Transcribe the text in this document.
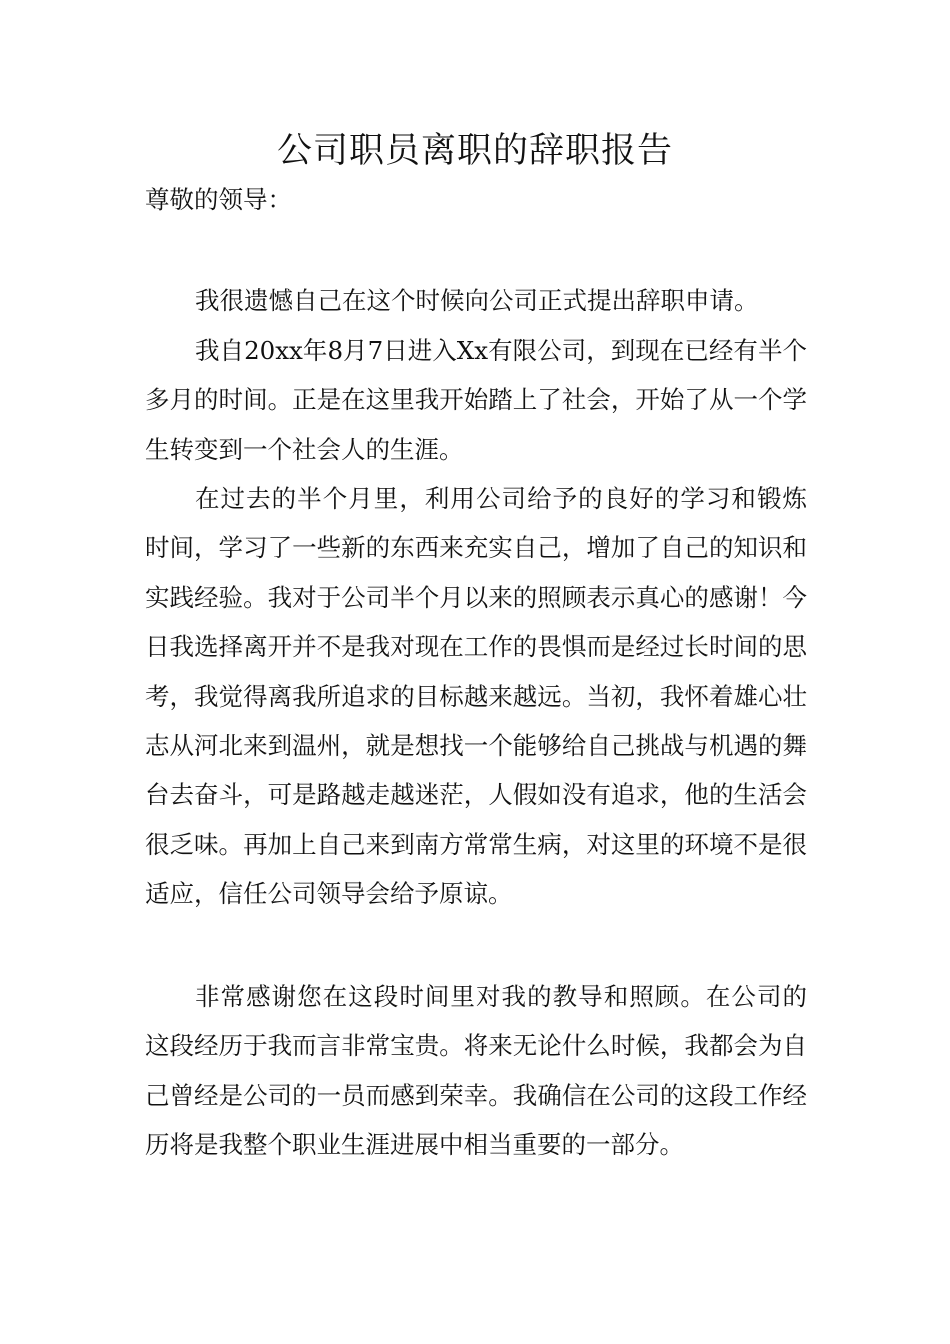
公司职员离职的辞职报告
尊敬的领导：

我很遗憾自己在这个时候向公司正式提出辞职申请。

我自20xx年8月7日进入Xx有限公司，到现在已经有半个多月的时间。正是在这里我开始踏上了社会，开始了从一个学生转变到一个社会人的生涯。

在过去的半个月里，利用公司给予的良好的学习和锻炼时间，学习了一些新的东西来充实自己，增加了自己的知识和实践经验。我对于公司半个月以来的照顾表示真心的感谢！今日我选择离开并不是我对现在工作的畏惧而是经过长时间的思考，我觉得离我所追求的目标越来越远。当初，我怀着雄心壮志从河北来到温州，就是想找一个能够给自己挑战与机遇的舞台去奋斗，可是路越走越迷茫，人假如没有追求，他的生活会很乏味。再加上自己来到南方常常生病，对这里的环境不是很适应，信任公司领导会给予原谅。

非常感谢您在这段时间里对我的教导和照顾。在公司的这段经历于我而言非常宝贵。将来无论什么时候，我都会为自己曾经是公司的一员而感到荣幸。我确信在公司的这段工作经历将是我整个职业生涯进展中相当重要的一部分。
